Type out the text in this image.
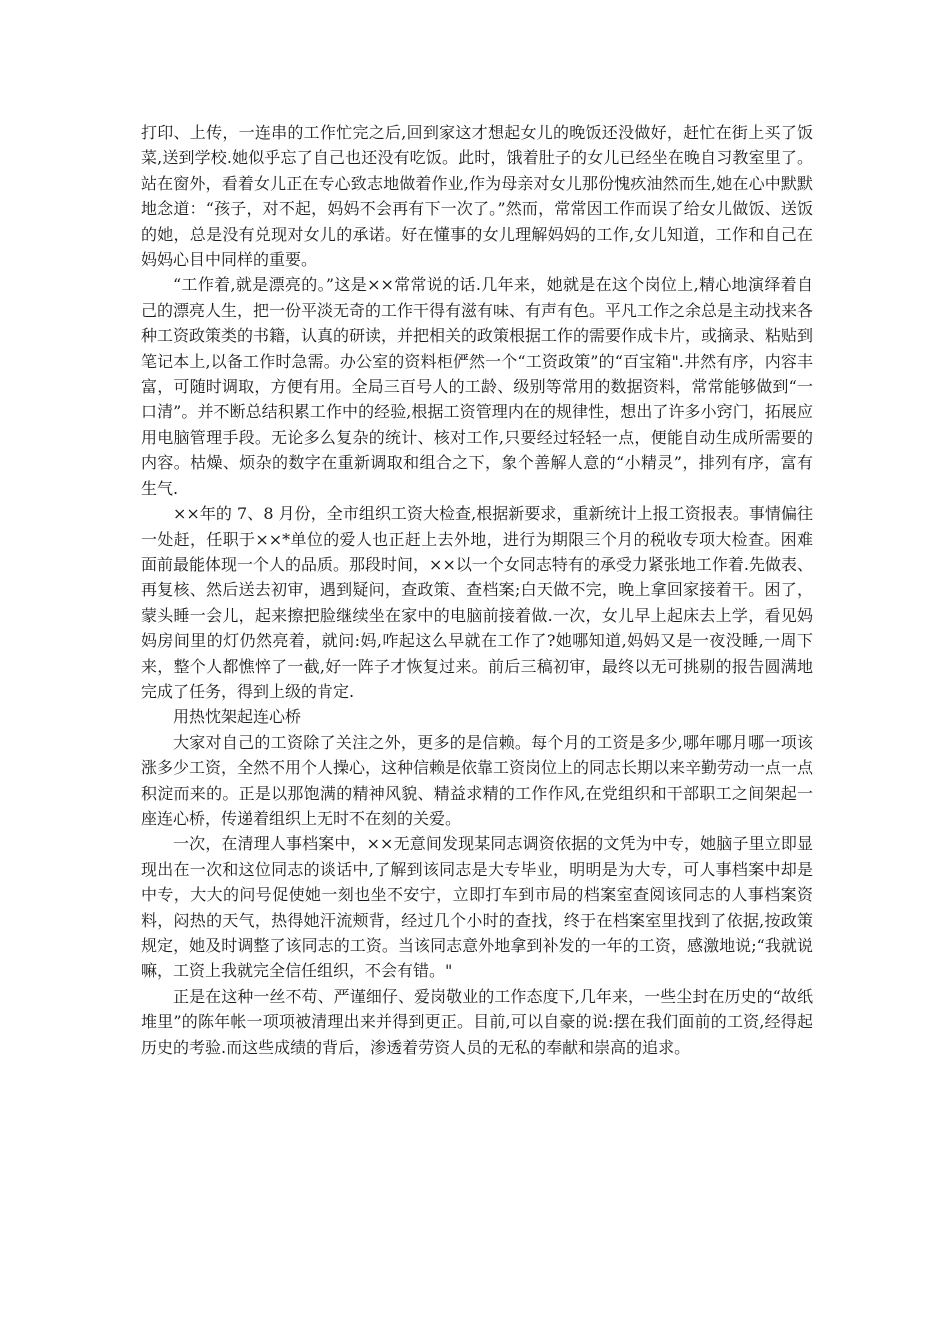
打印、上传，一连串的工作忙完之后,回到家这才想起女儿的晚饭还没做好，赶忙在街上买了饭菜,送到学校.她似乎忘了自己也还没有吃饭。此时，饿着肚子的女儿已经坐在晚自习教室里了。站在窗外，看着女儿正在专心致志地做着作业,作为母亲对女儿那份愧疚油然而生,她在心中默默地念道：“孩子，对不起，妈妈不会再有下一次了。”然而，常常因工作而误了给女儿做饭、送饭的她，总是没有兑现对女儿的承诺。好在懂事的女儿理解妈妈的工作,女儿知道，工作和自己在妈妈心目中同样的重要。

“工作着,就是漂亮的。”这是××常常说的话.几年来，她就是在这个岗位上,精心地演绎着自己的漂亮人生，把一份平淡无奇的工作干得有滋有味、有声有色。平凡工作之余总是主动找来各种工资政策类的书籍，认真的研读，并把相关的政策根据工作的需要作成卡片，或摘录、粘贴到笔记本上,以备工作时急需。办公室的资料柜俨然一个“工资政策”的“百宝箱".井然有序，内容丰富，可随时调取，方便有用。全局三百号人的工龄、级别等常用的数据资料，常常能够做到“一口清”。并不断总结积累工作中的经验,根据工资管理内在的规律性，想出了许多小窍门，拓展应用电脑管理手段。无论多么复杂的统计、核对工作,只要经过轻轻一点，便能自动生成所需要的内容。枯燥、烦杂的数字在重新调取和组合之下，象个善解人意的“小精灵”，排列有序，富有生气.

××年的 7、8 月份，全市组织工资大检查,根据新要求，重新统计上报工资报表。事情偏往一处赶，任职于××*单位的爱人也正赶上去外地，进行为期限三个月的税收专项大检查。困难面前最能体现一个人的品质。那段时间，××以一个女同志特有的承受力紧张地工作着.先做表、再复核、然后送去初审，遇到疑问，查政策、查档案;白天做不完，晚上拿回家接着干。困了，蒙头睡一会儿，起来擦把脸继续坐在家中的电脑前接着做.一次，女儿早上起床去上学，看见妈妈房间里的灯仍然亮着，就问:妈,咋起这么早就在工作了?她哪知道,妈妈又是一夜没睡,一周下来，整个人都憔悴了一截,好一阵子才恢复过来。前后三稿初审，最终以无可挑剔的报告圆满地完成了任务，得到上级的肯定.

用热忱架起连心桥

大家对自己的工资除了关注之外，更多的是信赖。每个月的工资是多少,哪年哪月哪一项该涨多少工资，全然不用个人操心，这种信赖是依靠工资岗位上的同志长期以来辛勤劳动一点一点积淀而来的。正是以那饱满的精神风貌、精益求精的工作作风,在党组织和干部职工之间架起一座连心桥，传递着组织上无时不在刻的关爱。

一次，在清理人事档案中，××无意间发现某同志调资依据的文凭为中专，她脑子里立即显现出在一次和这位同志的谈话中,了解到该同志是大专毕业，明明是为大专，可人事档案中却是中专，大大的问号促使她一刻也坐不安宁，立即打车到市局的档案室查阅该同志的人事档案资料，闷热的天气，热得她汗流颊背，经过几个小时的查找，终于在档案室里找到了依据,按政策规定，她及时调整了该同志的工资。当该同志意外地拿到补发的一年的工资，感激地说;“我就说嘛，工资上我就完全信任组织，不会有错。"

正是在这种一丝不苟、严谨细仔、爱岗敬业的工作态度下,几年来，一些尘封在历史的“故纸堆里”的陈年帐一项项被清理出来并得到更正。目前,可以自豪的说:摆在我们面前的工资,经得起历史的考验.而这些成绩的背后，渗透着劳资人员的无私的奉献和崇高的追求。
